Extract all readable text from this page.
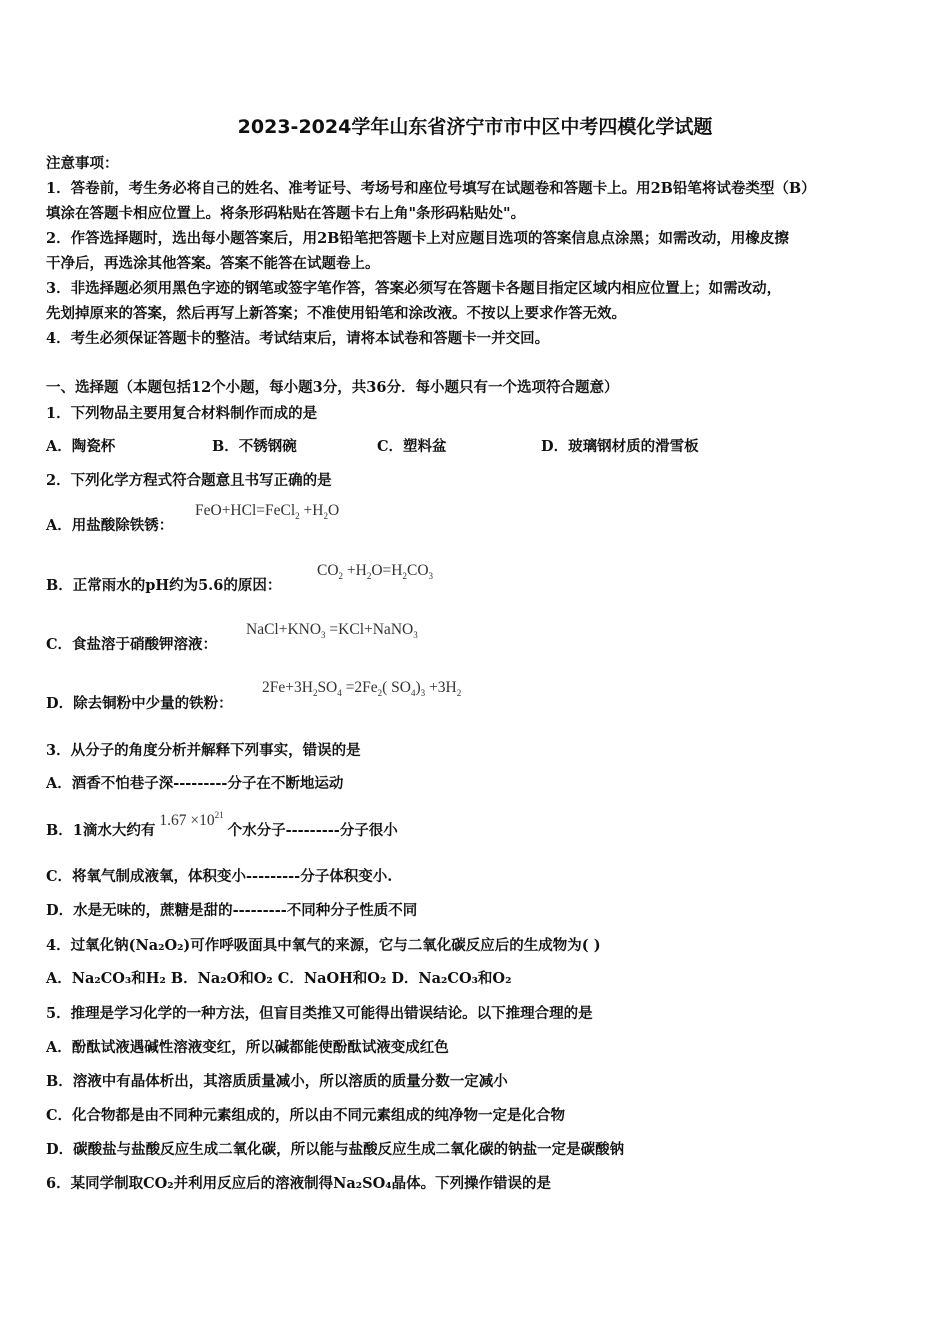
2023-2024学年山东省济宁市市中区中考四模化学试题
注意事项：
1．答卷前，考生务必将自己的姓名、准考证号、考场号和座位号填写在试题卷和答题卡上。用2B铅笔将试卷类型（B）
填涂在答题卡相应位置上。将条形码粘贴在答题卡右上角"条形码粘贴处"。
2．作答选择题时，选出每小题答案后，用2B铅笔把答题卡上对应题目选项的答案信息点涂黑；如需改动，用橡皮擦
干净后，再选涂其他答案。答案不能答在试题卷上。
3．非选择题必须用黑色字迹的钢笔或签字笔作答，答案必须写在答题卡各题目指定区域内相应位置上；如需改动，
先划掉原来的答案，然后再写上新答案；不准使用铅笔和涂改液。不按以上要求作答无效。
4．考生必须保证答题卡的整洁。考试结束后，请将本试卷和答题卡一并交回。
一、选择题（本题包括12个小题，每小题3分，共36分．每小题只有一个选项符合题意）
1．下列物品主要用复合材料制作而成的是
A．陶瓷杯	B．不锈钢碗	C．塑料盆	D．玻璃钢材质的滑雪板
2．下列化学方程式符合题意且书写正确的是
A．用盐酸除铁锈：
FeO+HCl=FeCl$_2$ $+H_2O$
B．正常雨水的pH约为5.6的原因：
$CO_2 +H_2O=H_2CO_3$
C．食盐溶于硝酸钾溶液：
$NaCl+KNO_3$ =KCl+NaNO$_3$
D．除去铜粉中少量的铁粉：
$2Fe+3H_2SO_4 =2Fe_2$( $SO_4)_3 +3H_2$
3．从分子的角度分析并解释下列事实，错误的是
A．酒香不怕巷子深---------分子在不断地运动
B．1滴水大约有$1.67 \times 10^{21}$个水分子---------分子很小
C．将氧气制成液氧，体积变小---------分子体积变小.
D．水是无味的，蔗糖是甜的---------不同种分子性质不同
4．过氧化钠(Na₂O₂)可作呼吸面具中氧气的来源，它与二氧化碳反应后的生成物为( )
A．Na₂CO₃和H₂ B．Na₂O和O₂ C．NaOH和O₂ D．Na₂CO₃和O₂
5．推理是学习化学的一种方法，但盲目类推又可能得出错误结论。以下推理合理的是
A．酚酞试液遇碱性溶液变红，所以碱都能使酚酞试液变成红色
B．溶液中有晶体析出，其溶质质量减小，所以溶质的质量分数一定减小
C．化合物都是由不同种元素组成的，所以由不同元素组成的纯净物一定是化合物
D．碳酸盐与盐酸反应生成二氧化碳，所以能与盐酸反应生成二氧化碳的钠盐一定是碳酸钠
6．某同学制取CO₂并利用反应后的溶液制得Na₂SO₄晶体。下列操作错误的是
